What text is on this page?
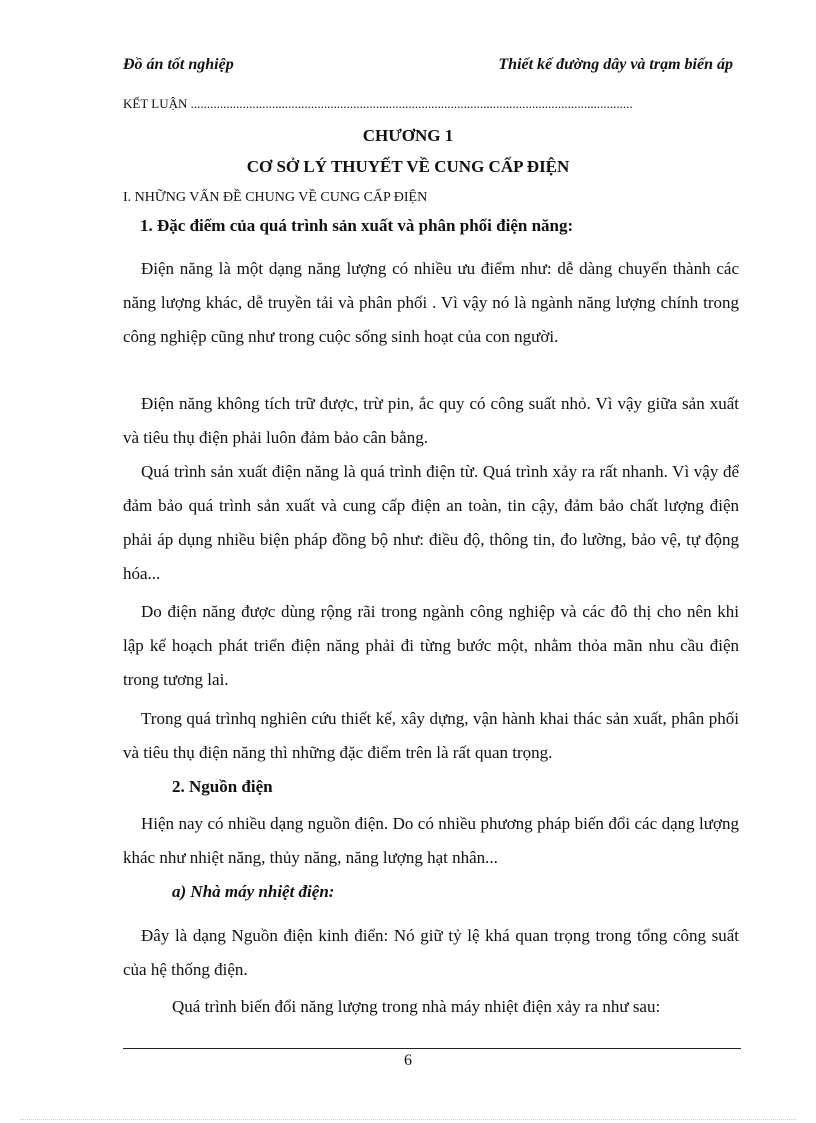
Đồ án tốt nghiệp	Thiết kế đường dây và trạm biến áp
KẾT LUẬN ........................................................................................................................................
CHƯƠNG 1
CƠ SỞ LÝ THUYẾT VỀ CUNG CẤP ĐIỆN
I. NHỮNG VẤN ĐỀ CHUNG VỀ CUNG CẤP ĐIỆN
1. Đặc điểm của quá trình sản xuất và phân phối điện năng:

Điện năng là một dạng năng lượng có nhiều ưu điểm như: dễ dàng chuyển thành các năng lượng khác, dễ truyền tải và phân phối . Vì vậy nó là ngành năng lượng chính trong công nghiệp cũng như trong cuộc sống sinh hoạt của con người.

Điện năng không tích trữ được, trừ pin, ắc quy có công suất nhỏ. Vì vậy giữa sản xuất và tiêu thụ điện phải luôn đảm bảo cân bằng.

Quá trình sản xuất điện năng là quá trình điện từ. Quá trình xảy ra rất nhanh. Vì vậy để đảm bảo quá trình sản xuất và cung cấp điện an toàn, tin cậy, đảm bảo chất lượng điện phải áp dụng nhiều biện pháp đồng bộ như: điều độ, thông tin, đo lường, bảo vệ, tự động hóa...

Do điện năng được dùng rộng rãi trong ngành công nghiệp và các đô thị cho nên khi lập kế hoạch phát triển điện năng phải đi từng bước một, nhằm thỏa mãn nhu cầu điện trong tương lai.

Trong quá trìnhq nghiên cứu thiết kế, xây dựng, vận hành khai thác sản xuất, phân phối và tiêu thụ điện năng thì những đặc điểm trên là rất quan trọng.

2. Nguồn điện

Hiện nay có nhiều dạng nguồn điện. Do có nhiều phương pháp biến đổi các dạng lượng khác như nhiệt năng, thủy năng, năng lượng hạt nhân...

a) Nhà máy nhiệt điện:

Đây là dạng Nguồn điện kinh điển: Nó giữ tỷ lệ khá quan trọng trong tổng công suất của hệ thống điện.

Quá trình biến đổi năng lượng trong nhà máy nhiệt điện xảy ra như sau:

6
